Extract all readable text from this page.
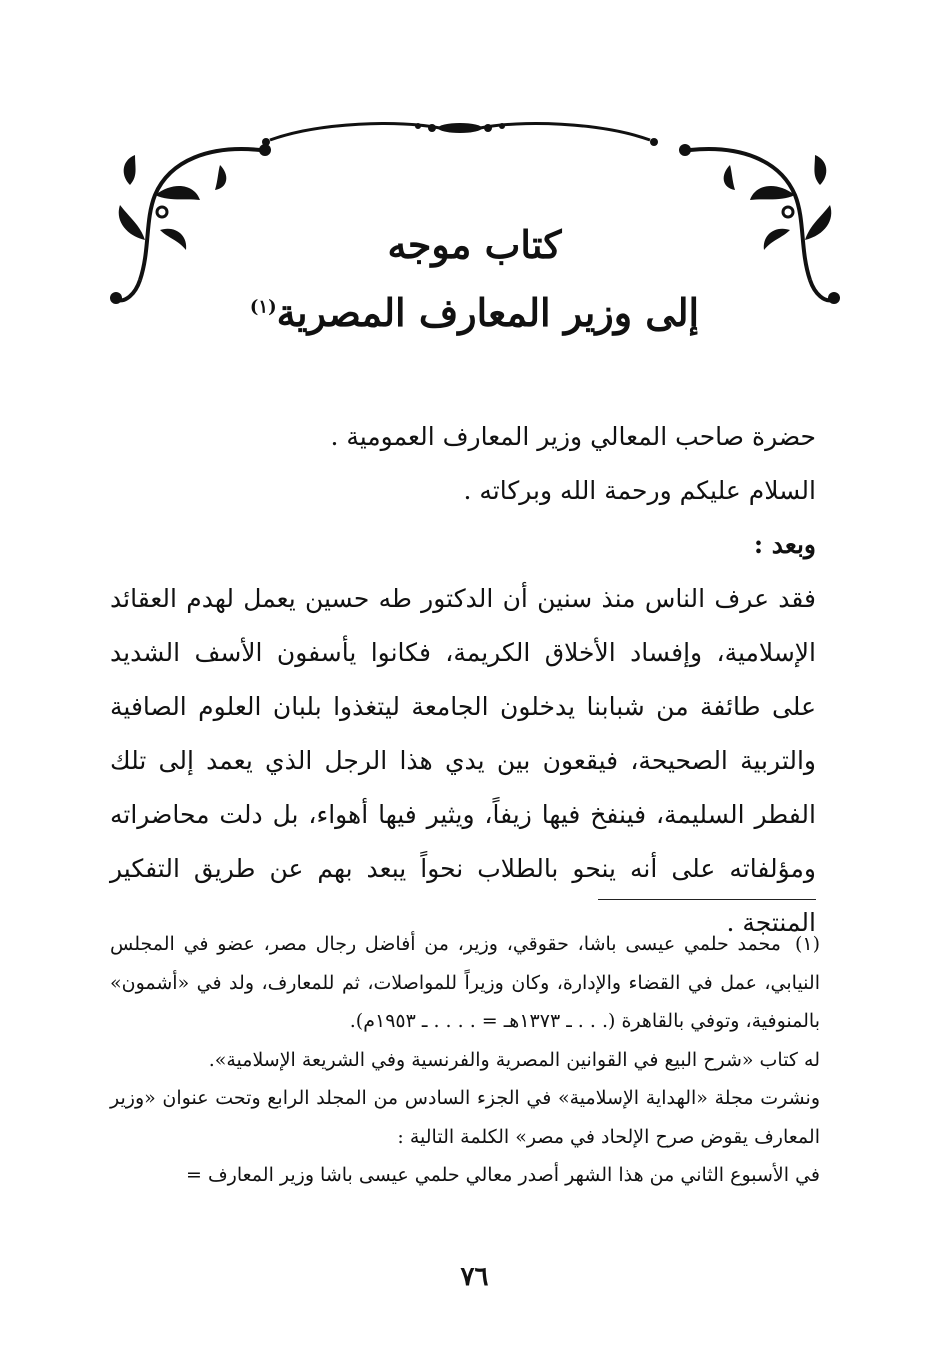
كتاب موجه
إلى وزير المعارف المصرية$^{(١)}$

حضرة صاحب المعالي وزير المعارف العمومية .

السلام عليكم ورحمة الله وبركاته .

وبعد :

فقد عرف الناس منذ سنين أن الدكتور طه حسين يعمل لهدم العقائد الإسلامية، وإفساد الأخلاق الكريمة، فكانوا يأسفون الأسف الشديد على طائفة من شبابنا يدخلون الجامعة ليتغذوا بلبان العلوم الصافية والتربية الصحيحة، فيقعون بين يدي هذا الرجل الذي يعمد إلى تلك الفطر السليمة، فينفخ فيها زيفاً، ويثير فيها أهواء، بل دلت محاضراته ومؤلفاته على أنه ينحو بالطلاب نحواً يبعد بهم عن طريق التفكير المنتجة .

(١)محمد حلمي عيسى باشا، حقوقي، وزير، من أفاضل رجال مصر، عضو في المجلس النيابي، عمل في القضاء والإدارة، وكان وزيراً للمواصلات، ثم للمعارف، ولد في «أشمون» بالمنوفية، وتوفي بالقاهرة (. . . ـ ١٣٧٣هـ = . . . . ـ ١٩٥٣م).

له كتاب «شرح البيع في القوانين المصرية والفرنسية وفي الشريعة الإسلامية».

ونشرت مجلة «الهداية الإسلامية» في الجزء السادس من المجلد الرابع وتحت عنوان «وزير المعارف يقوض صرح الإلحاد في مصر» الكلمة التالية :

في الأسبوع الثاني من هذا الشهر أصدر معالي حلمي عيسى باشا وزير المعارف =

٧٦
